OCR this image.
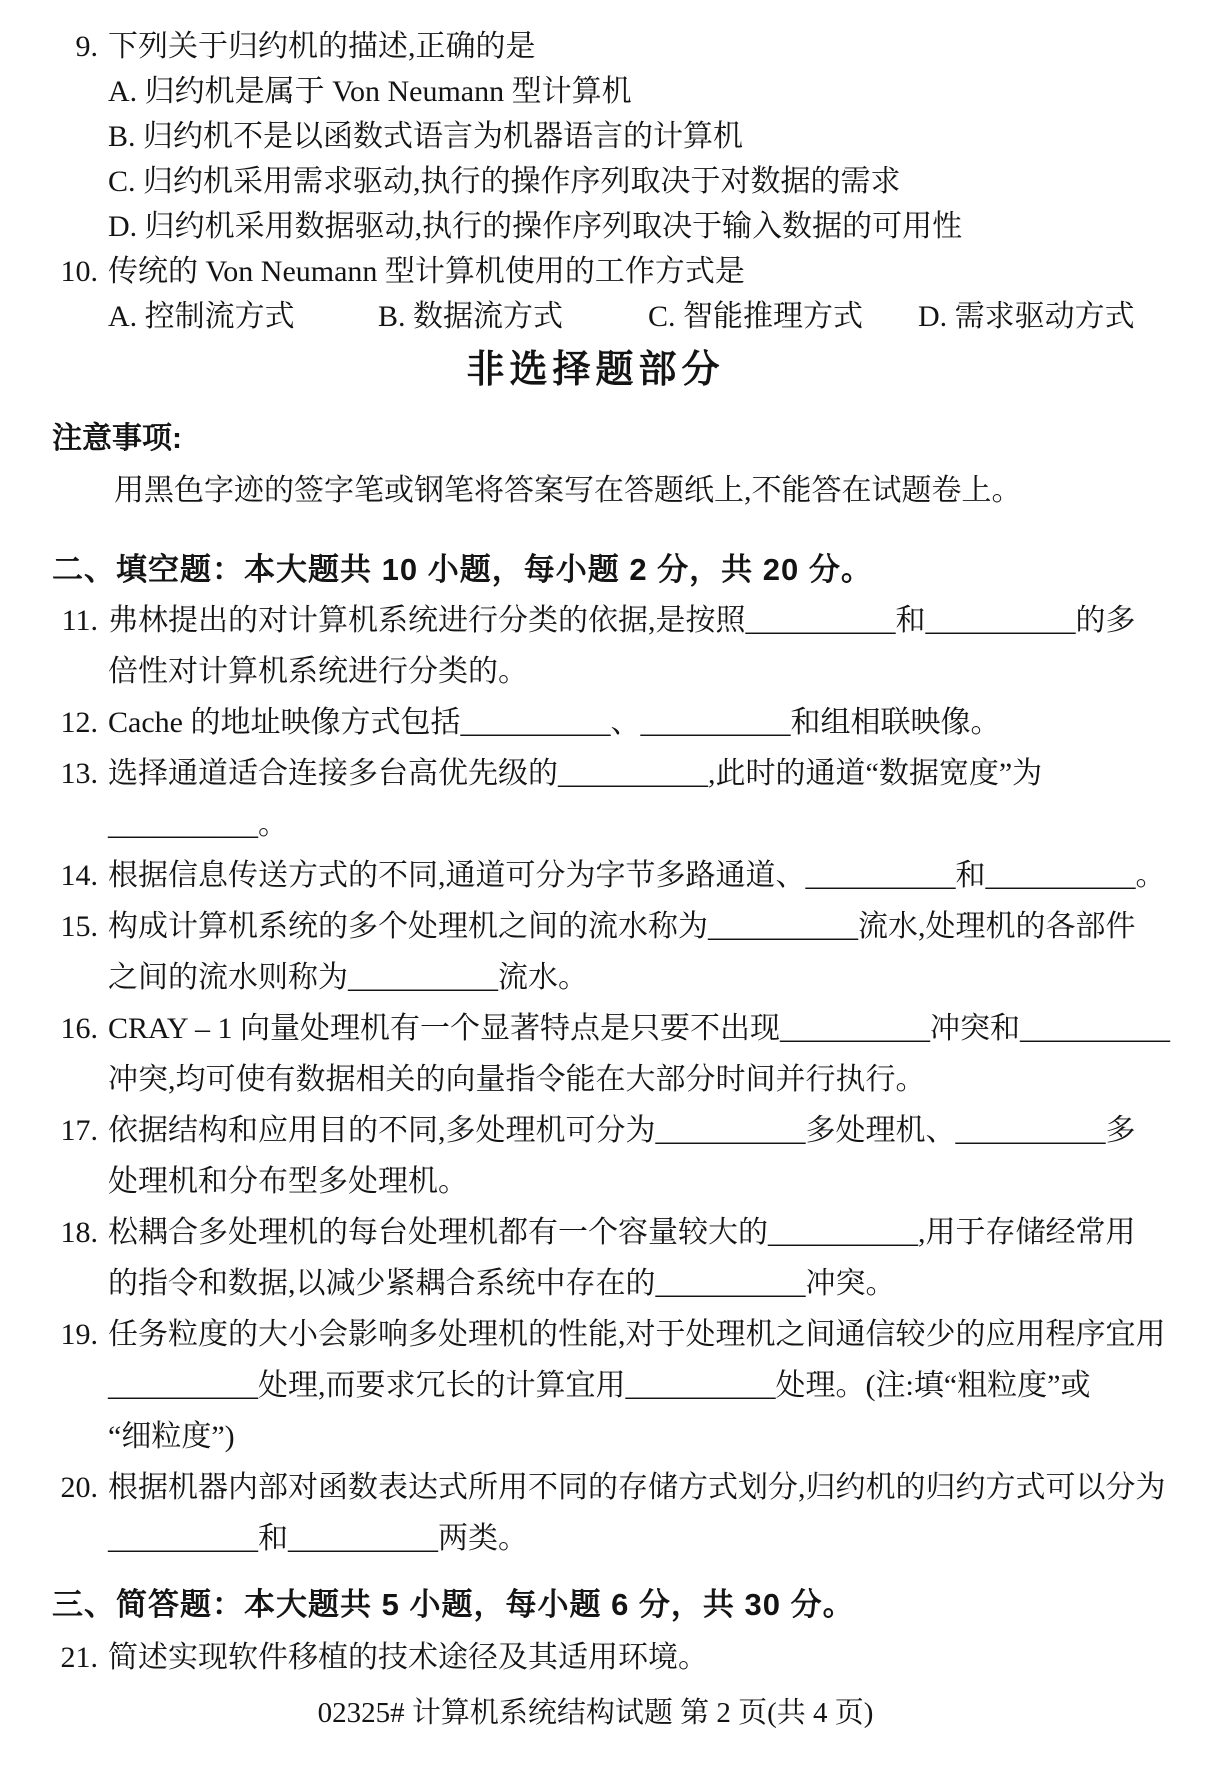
9. 下列关于归约机的描述,正确的是
A. 归约机是属于 Von Neumann 型计算机
B. 归约机不是以函数式语言为机器语言的计算机
C. 归约机采用需求驱动,执行的操作序列取决于对数据的需求
D. 归约机采用数据驱动,执行的操作序列取决于输入数据的可用性
10. 传统的 Von Neumann 型计算机使用的工作方式是
A. 控制流方式	B. 数据流方式	C. 智能推理方式 D. 需求驱动方式
非选择题部分
注意事项:
用黑色字迹的签字笔或钢笔将答案写在答题纸上,不能答在试题卷上。
二、填空题：本大题共 10 小题，每小题 2 分，共 20 分。
11. 弗林提出的对计算机系统进行分类的依据,是按照__________和__________的多
倍性对计算机系统进行分类的。
12. Cache 的地址映像方式包括__________、__________和组相联映像。
13. 选择通道适合连接多台高优先级的__________,此时的通道“数据宽度”为
__________。
14. 根据信息传送方式的不同,通道可分为字节多路通道、__________和__________。
15. 构成计算机系统的多个处理机之间的流水称为__________流水,处理机的各部件
之间的流水则称为__________流水。
16. CRAY – 1 向量处理机有一个显著特点是只要不出现__________冲突和__________
冲突,均可使有数据相关的向量指令能在大部分时间并行执行。
17. 依据结构和应用目的不同,多处理机可分为__________多处理机、__________多
处理机和分布型多处理机。
18. 松耦合多处理机的每台处理机都有一个容量较大的__________,用于存储经常用
的指令和数据,以减少紧耦合系统中存在的__________冲突。
19. 任务粒度的大小会影响多处理机的性能,对于处理机之间通信较少的应用程序宜用
__________处理,而要求冗长的计算宜用__________处理。(注:填“粗粒度”或
“细粒度”)
20. 根据机器内部对函数表达式所用不同的存储方式划分,归约机的归约方式可以分为
__________和__________两类。
三、简答题：本大题共 5 小题，每小题 6 分，共 30 分。
21. 简述实现软件移植的技术途径及其适用环境。
02325# 计算机系统结构试题 第 2 页(共 4 页)
